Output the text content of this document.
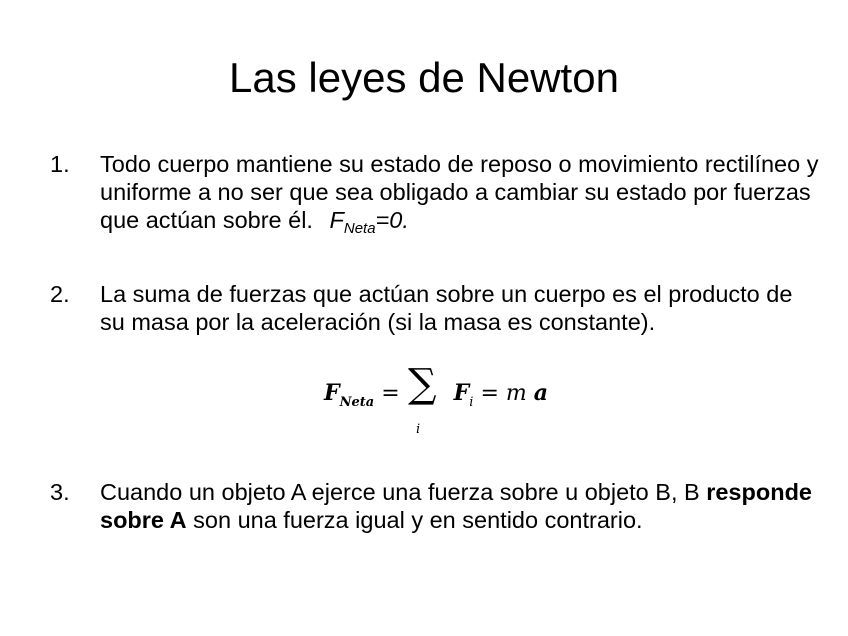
Las leyes de Newton
1. Todo cuerpo mantiene su estado de reposo o movimiento rectilíneo y uniforme a no ser que sea obligado a cambiar su estado por fuerzas que actúan sobre él. $F_{Neta}=0$.
2. La suma de fuerzas que actúan sobre un cuerpo es el producto de su masa por la aceleración (si la masa es constante).
$F_{Neta} = F_i = m$ a
∑
i
3. Cuando un objeto A ejerce una fuerza sobre u objeto B, B responde sobre A son una fuerza igual y en sentido contrario.
